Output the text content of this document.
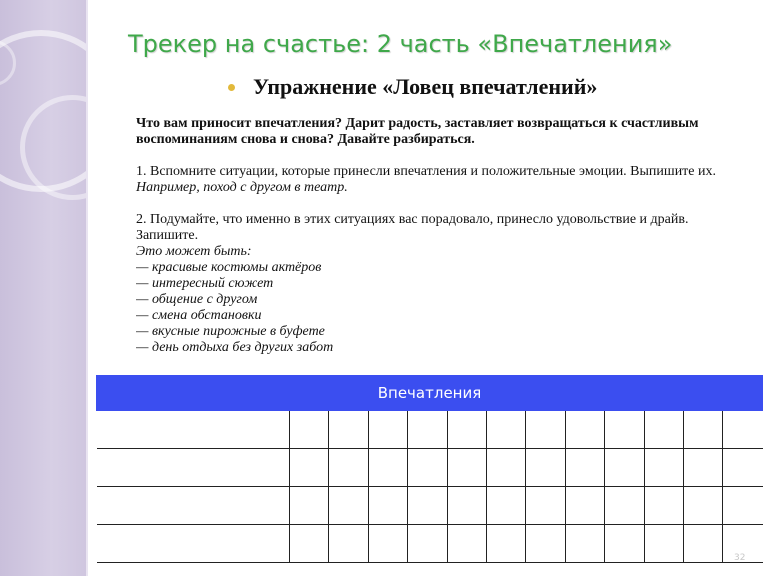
Трекер на счастье: 2 часть «Впечатления»
Упражнение «Ловец впечатлений»

Что вам приносит впечатления? Дарит радость, заставляет возвращаться к счастливым воспоминаниям снова и снова? Давайте разбираться.

1. Вспомните ситуации, которые принесли впечатления и положительные эмоции. Выпишите их.

Например, поход с другом в театр.

2. Подумайте, что именно в этих ситуациях вас порадовало, принесло удовольствие и драйв. Запишите.

Это может быть:

— красивые костюмы актёров

— интересный сюжет

— общение с другом

— смена обстановки

— вкусные пирожные в буфете

— день отдыха без других забот

Впечатления												

32
